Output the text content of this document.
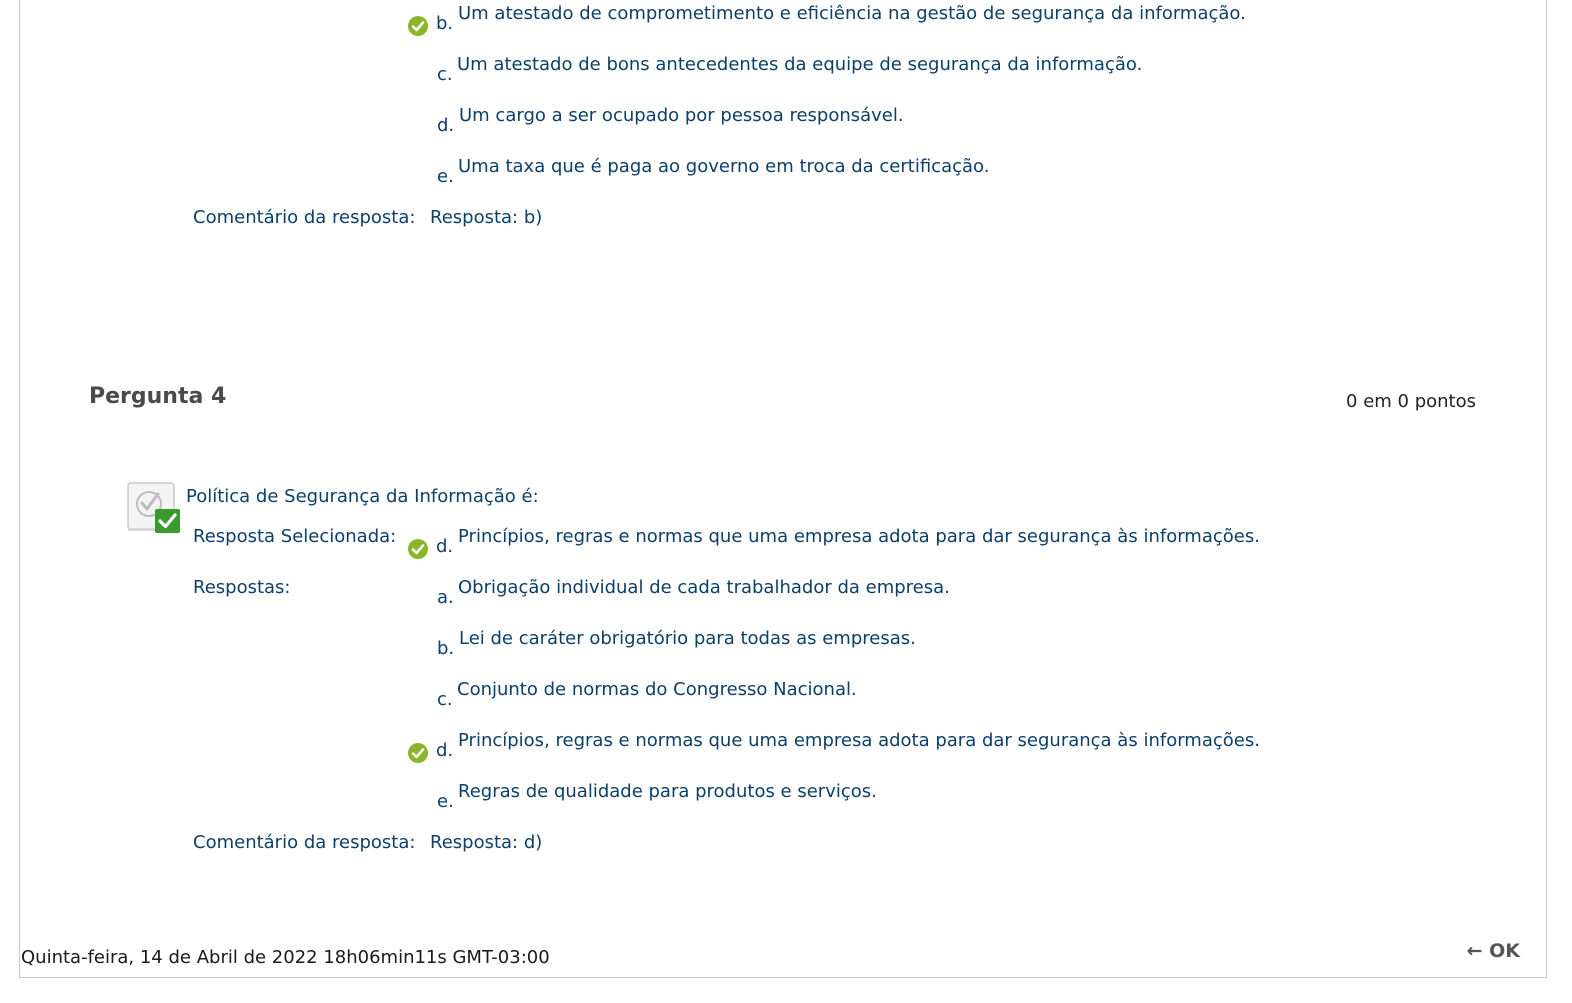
b. Um atestado de comprometimento e eficiência na gestão de segurança da informação.
c. Um atestado de bons antecedentes da equipe de segurança da informação.
d. Um cargo a ser ocupado por pessoa responsável.
e. Uma taxa que é paga ao governo em troca da certificação.
Comentário da resposta: Resposta: b)
Pergunta 4	0 em 0 pontos
Política de Segurança da Informação é:
Resposta Selecionada: d. Princípios, regras e normas que uma empresa adota para dar segurança às informações.
Respostas:	a. Obrigação individual de cada trabalhador da empresa.
b. Lei de caráter obrigatório para todas as empresas.
c. Conjunto de normas do Congresso Nacional.
d. Princípios, regras e normas que uma empresa adota para dar segurança às informações.
e. Regras de qualidade para produtos e serviços.
Comentário da resposta: Resposta: d)
Quinta-feira, 14 de Abril de 2022 18h06min11s GMT-03:00	← OK
